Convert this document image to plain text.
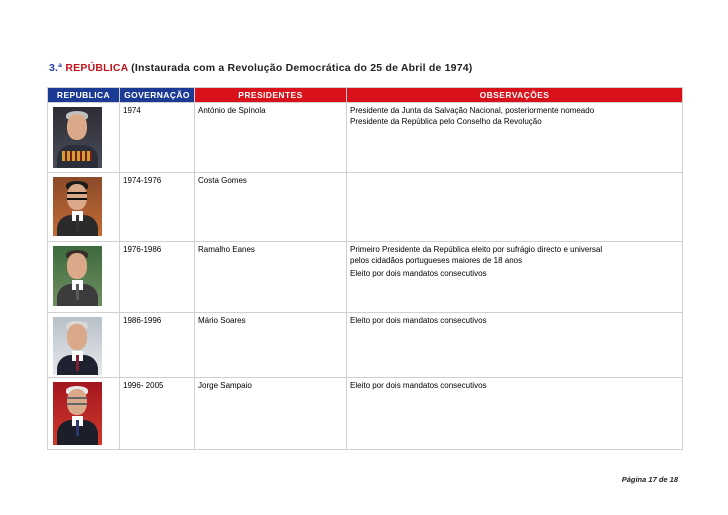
3.ª REPÚBLICA (Instaurada com a Revolução Democrática do 25 de Abril de 1974)
REPUBLICA	GOVERNAÇÃO	PRESIDENTES	OBSERVAÇÕES

	1974	António de Spínola	Presidente da Junta da Salvação Nacional, posteriormente nomeado
Presidente da República pelo Conselho da Revolução

	1974-1976	Costa Gomes	

	1976-1986	Ramalho Eanes	Primeiro Presidente da República eleito por sufrágio directo e universal
pelos cidadãos portugueses maiores de 18 anos
Eleito por dois mandatos consecutivos

	1986-1996	Mário Soares	Eleito por dois mandatos consecutivos

	1996- 2005	Jorge Sampaio	Eleito por dois mandatos consecutivos
Página 17 de 18
